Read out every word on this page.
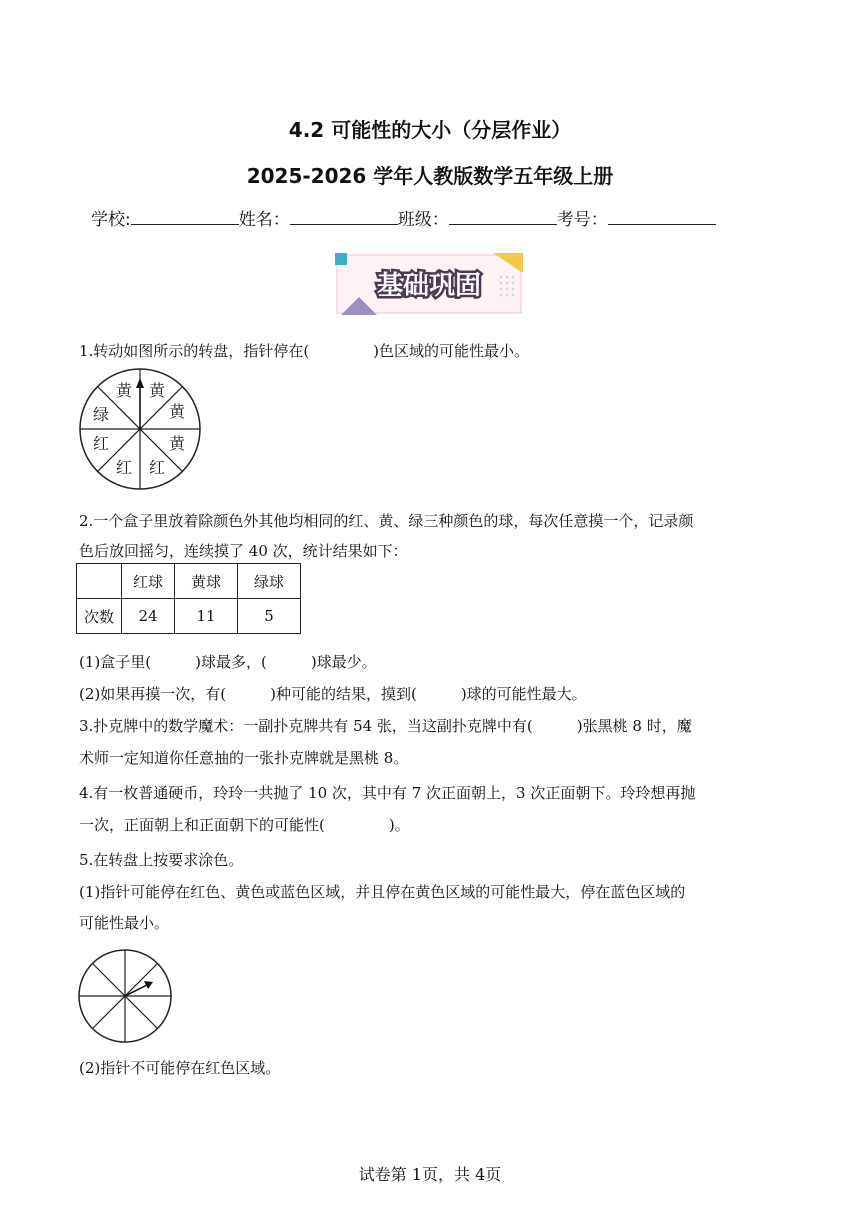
4.2 可能性的大小（分层作业）
2025-2026 学年人教版数学五年级上册
学校:	姓名：	班级：	考号：
基础巩固
1.转动如图所示的转盘，指针停在(	)色区域的可能性最小。
黄
黄
黄
黄
红
红
红
绿
2.一个盒子里放着除颜色外其他均相同的红、黄、绿三种颜色的球，每次任意摸一个，记录颜
色后放回摇匀，连续摸了 40 次，统计结果如下：
	红球	黄球	绿球
次数	24	11	5
(1)盒子里(	)球最多，(	)球最少。
(2)如果再摸一次，有(	)种可能的结果，摸到(	)球的可能性最大。
3.扑克牌中的数学魔术：一副扑克牌共有 54 张，当这副扑克牌中有(	)张黑桃 8 时，魔
术师一定知道你任意抽的一张扑克牌就是黑桃 8。
4.有一枚普通硬币，玲玲一共抛了 10 次，其中有 7 次正面朝上，3 次正面朝下。玲玲想再抛
一次，正面朝上和正面朝下的可能性(	)。
5.在转盘上按要求涂色。
(1)指针可能停在红色、黄色或蓝色区域，并且停在黄色区域的可能性最大，停在蓝色区域的
可能性最小。
(2)指针不可能停在红色区域。
试卷第 1页，共 4页
